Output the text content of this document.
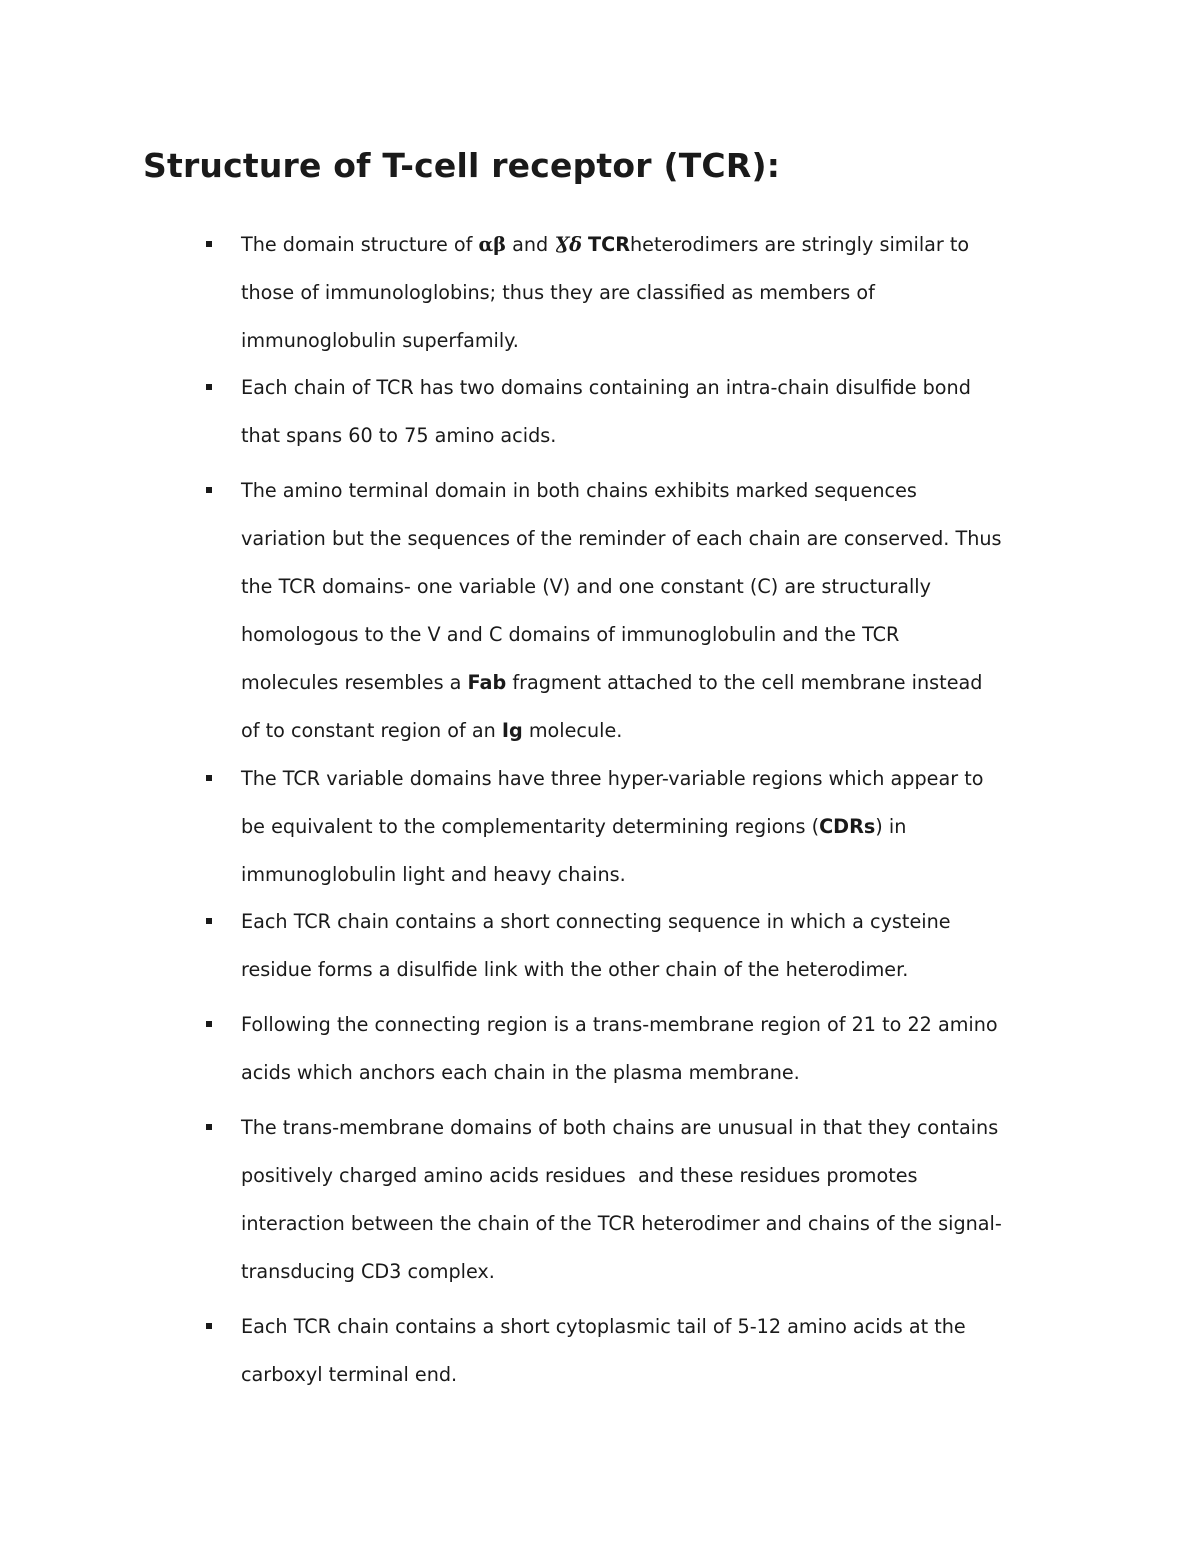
Structure of T-cell receptor (TCR):
The domain structure of αβ and Ɣδ TCRheterodimers are stringly similar to
those of immunologlobins; thus they are classified as members of
immunoglobulin superfamily.
Each chain of TCR has two domains containing an intra-chain disulfide bond
that spans 60 to 75 amino acids.
The amino terminal domain in both chains exhibits marked sequences
variation but the sequences of the reminder of each chain are conserved. Thus
the TCR domains- one variable (V) and one constant (C) are structurally
homologous to the V and C domains of immunoglobulin and the TCR
molecules resembles a Fab fragment attached to the cell membrane instead
of to constant region of an Ig molecule.
The TCR variable domains have three hyper-variable regions which appear to
be equivalent to the complementarity determining regions (CDRs) in
immunoglobulin light and heavy chains.
Each TCR chain contains a short connecting sequence in which a cysteine
residue forms a disulfide link with the other chain of the heterodimer.
Following the connecting region is a trans-membrane region of 21 to 22 amino
acids which anchors each chain in the plasma membrane.
The trans-membrane domains of both chains are unusual in that they contains
positively charged amino acids residues  and these residues promotes
interaction between the chain of the TCR heterodimer and chains of the signal-
transducing CD3 complex.
Each TCR chain contains a short cytoplasmic tail of 5-12 amino acids at the
carboxyl terminal end.
